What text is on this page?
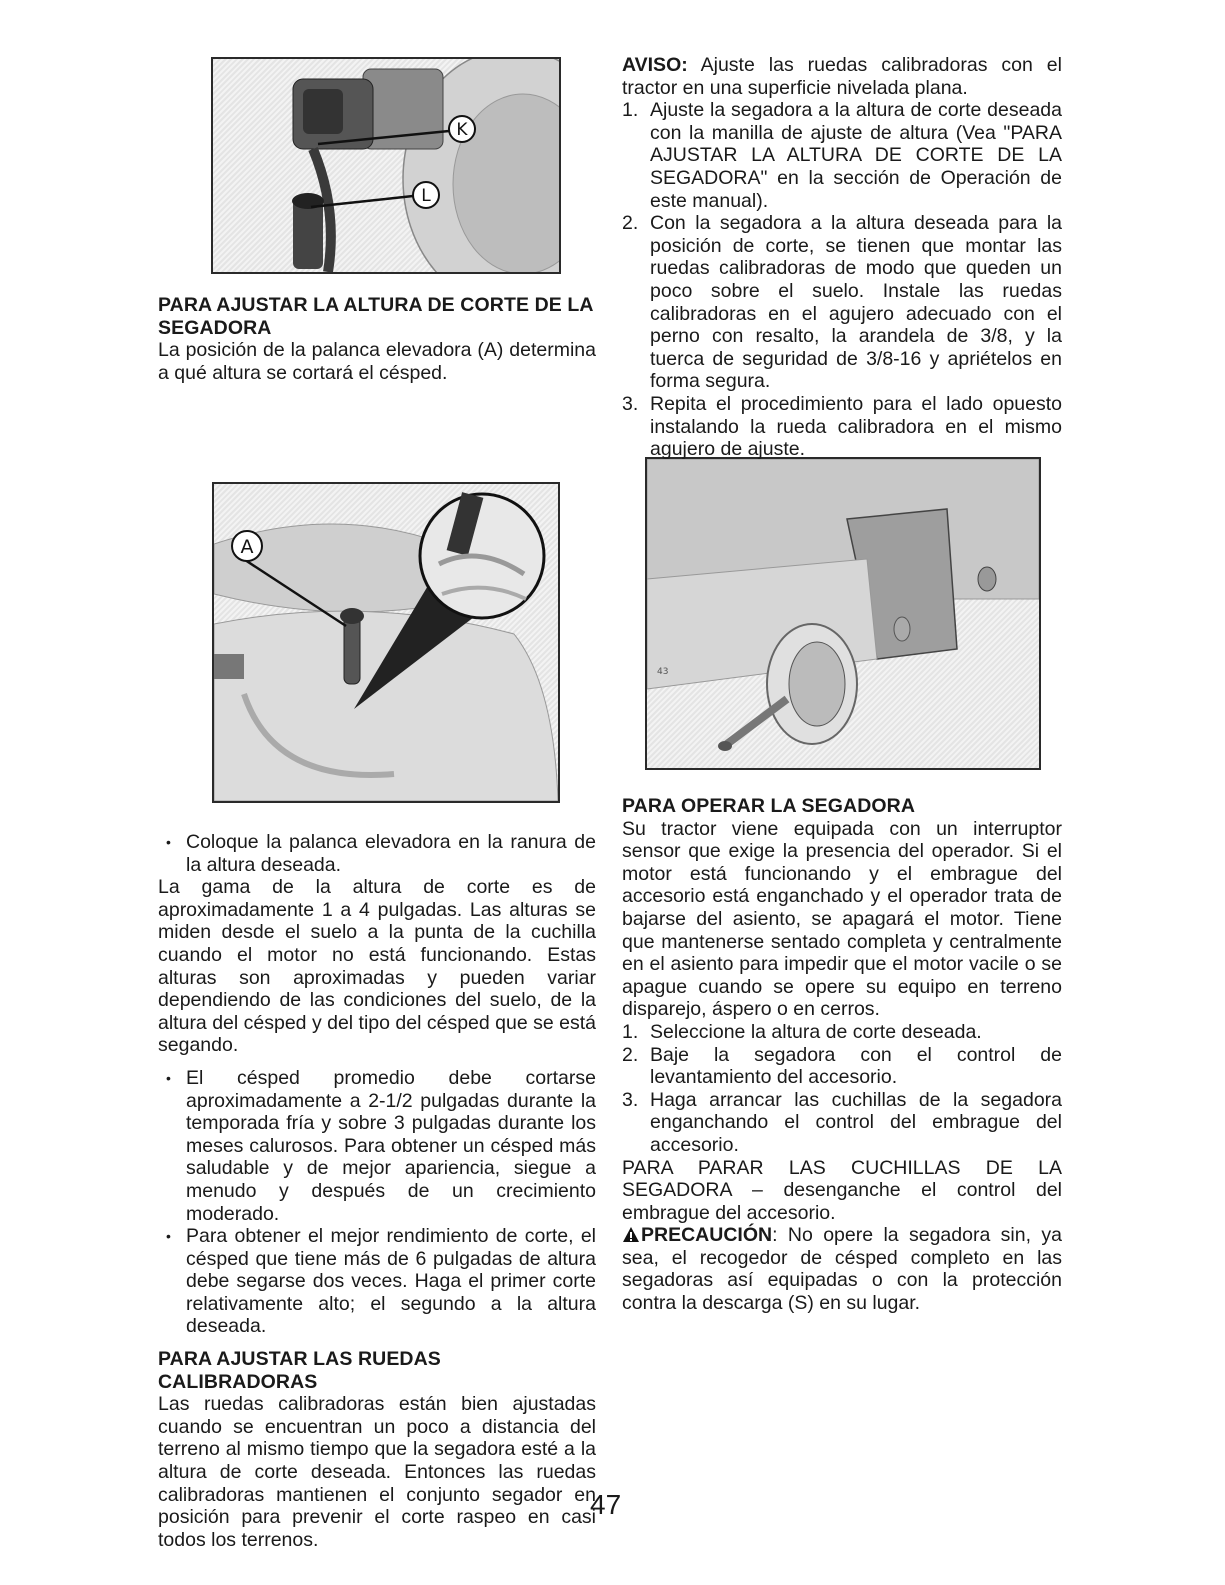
K
L
A
43
PARA AJUSTAR LA ALTURA DE CORTE DE LA SEGADORA

La posición de la palanca elevadora (A) determina a qué altura se cortará el césped.

• Coloque la palanca elevadora en la ranura de la altura deseada.

La gama de la altura de corte es de aproximadamente 1 a 4 pulgadas. Las alturas se miden desde el suelo a la punta de la cuchilla cuando el motor no está funcionando. Estas alturas son aproximadas y pueden variar dependiendo de las condiciones del suelo, de la altura del césped y del tipo del césped que se está segando.

• El césped promedio debe cortarse aproximadamente a 2-1/2 pulgadas durante la temporada fría y sobre 3 pulgadas durante los meses calurosos. Para obtener un césped más saludable y de mejor apariencia, siegue a menudo y después de un crecimiento moderado.
• Para obtener el mejor rendimiento de corte, el césped que tiene más de 6 pulgadas de altura debe segarse dos veces. Haga el primer corte relativamente alto; el segundo a la altura deseada.
PARA AJUSTAR LAS RUEDAS CALIBRADORAS

Las ruedas calibradoras están bien ajustadas cuando se encuentran un poco a distancia del terreno al mismo tiempo que la segadora esté a la altura de corte deseada. Entonces las ruedas calibradoras mantienen el conjunto segador en posición para prevenir el corte raspeo en casi todos los terrenos.

AVISO: Ajuste las ruedas calibradoras con el tractor en una superficie nivelada plana.

1. Ajuste la segadora a la altura de corte deseada con la manilla de ajuste de altura (Vea "PARA AJUSTAR LA ALTURA DE CORTE DE LA SEGADORA" en la sección de Operación de este manual).
2. Con la segadora a la altura deseada para la posición de corte, se tienen que montar las ruedas calibradoras de modo que queden un poco sobre el suelo. Instale las ruedas calibradoras en el agujero adecuado con el perno con resalto, la arandela de 3/8, y la tuerca de seguridad de 3/8-16 y apriételos en forma segura.
3. Repita el procedimiento para el lado opuesto instalando la rueda calibradora en el mismo agujero de ajuste.
PARA OPERAR LA SEGADORA

Su tractor viene equipada con un interruptor sensor que exige la presencia del operador. Si el motor está funcionando y el embrague del accesorio está enganchado y el operador trata de bajarse del asiento, se apagará el motor. Tiene que mantenerse sentado completa y centralmente en el asiento para impedir que el motor vacile o se apague cuando se opere su equipo en terreno disparejo, áspero o en cerros.

1. Seleccione la altura de corte deseada.
2. Baje la segadora con el control de levantamiento del accesorio.
3. Haga arrancar las cuchillas de la segadora enganchando el control del embrague del accesorio.

PARA PARAR LAS CUCHILLAS DE LA SEGADORA – desenganche el control del embrague del accesorio.

PRECAUCIÓN: No opere la segadora sin, ya sea, el recogedor de césped completo en las segadoras así equipadas o con la protección contra la descarga (S) en su lugar.

47
